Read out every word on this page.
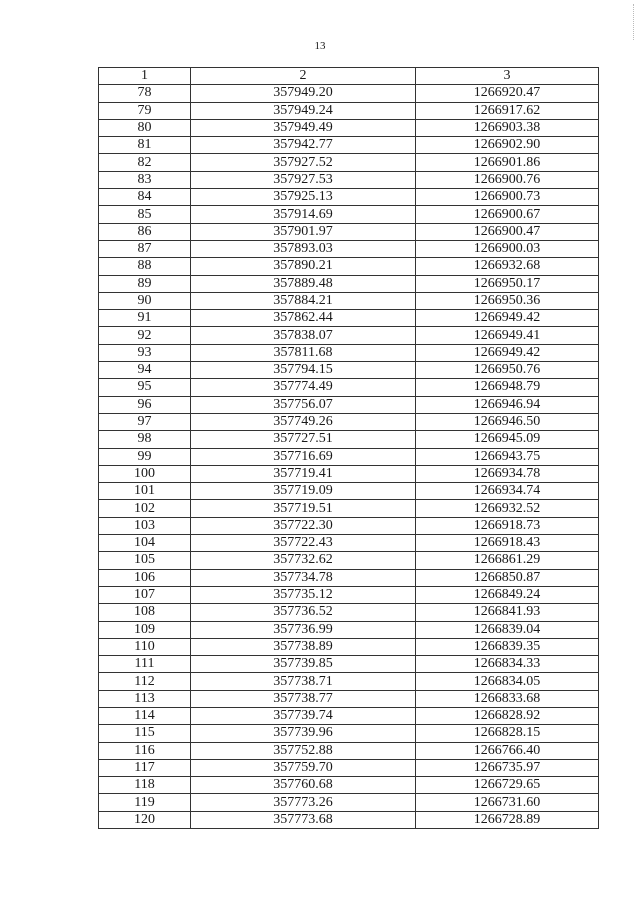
13
1	2	3
78	357949.20	1266920.47
79	357949.24	1266917.62
80	357949.49	1266903.38
81	357942.77	1266902.90
82	357927.52	1266901.86
83	357927.53	1266900.76
84	357925.13	1266900.73
85	357914.69	1266900.67
86	357901.97	1266900.47
87	357893.03	1266900.03
88	357890.21	1266932.68
89	357889.48	1266950.17
90	357884.21	1266950.36
91	357862.44	1266949.42
92	357838.07	1266949.41
93	357811.68	1266949.42
94	357794.15	1266950.76
95	357774.49	1266948.79
96	357756.07	1266946.94
97	357749.26	1266946.50
98	357727.51	1266945.09
99	357716.69	1266943.75
100	357719.41	1266934.78
101	357719.09	1266934.74
102	357719.51	1266932.52
103	357722.30	1266918.73
104	357722.43	1266918.43
105	357732.62	1266861.29
106	357734.78	1266850.87
107	357735.12	1266849.24
108	357736.52	1266841.93
109	357736.99	1266839.04
110	357738.89	1266839.35
111	357739.85	1266834.33
112	357738.71	1266834.05
113	357738.77	1266833.68
114	357739.74	1266828.92
115	357739.96	1266828.15
116	357752.88	1266766.40
117	357759.70	1266735.97
118	357760.68	1266729.65
119	357773.26	1266731.60
120	357773.68	1266728.89
